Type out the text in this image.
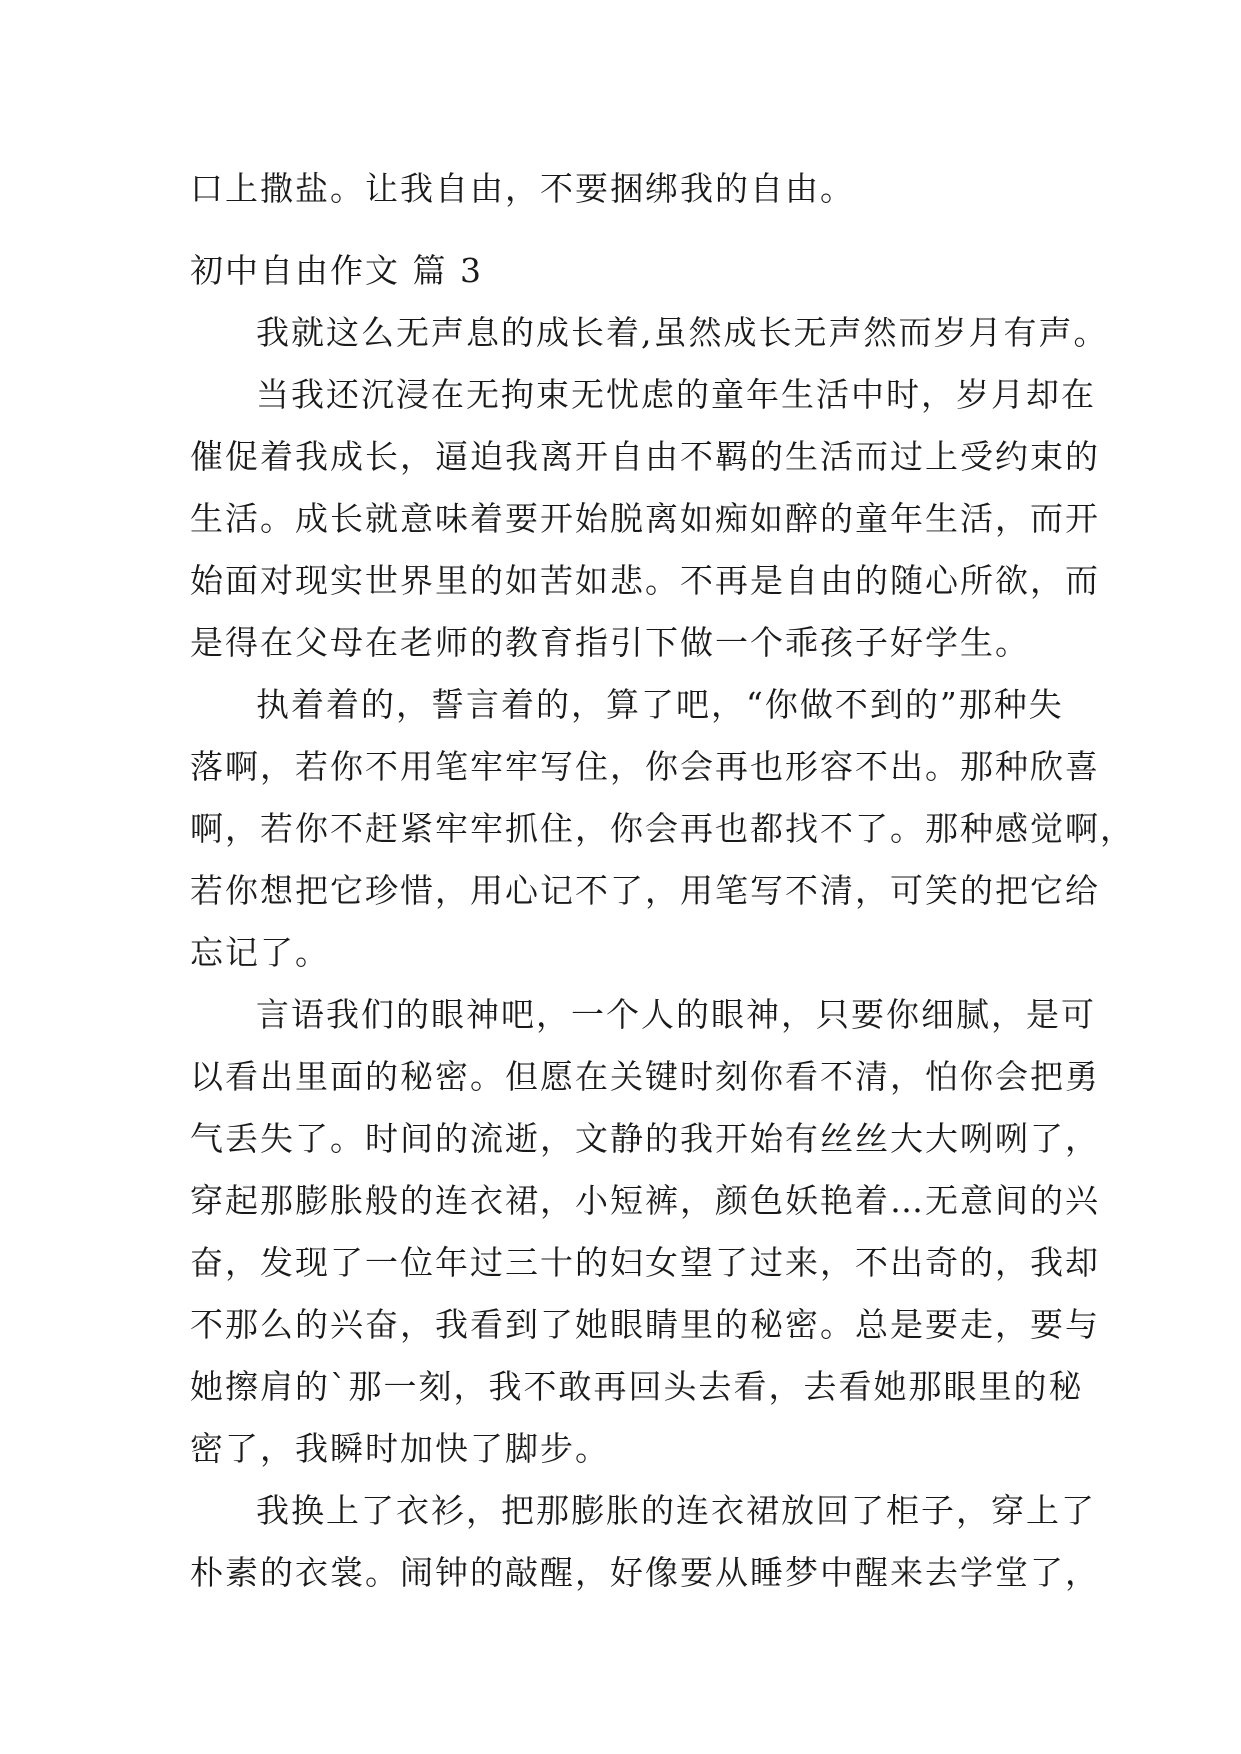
口上撒盐。让我自由，不要捆绑我的自由。

初中自由作文 篇 3

我就这么无声息的成长着,虽然成长无声然而岁月有声。

当我还沉浸在无拘束无忧虑的童年生活中时，岁月却在

催促着我成长，逼迫我离开自由不羁的生活而过上受约束的

生活。成长就意味着要开始脱离如痴如醉的童年生活，而开

始面对现实世界里的如苦如悲。不再是自由的随心所欲，而

是得在父母在老师的教育指引下做一个乖孩子好学生。

执着着的，誓言着的，算了吧，“你做不到的”那种失

落啊，若你不用笔牢牢写住，你会再也形容不出。那种欣喜

啊，若你不赶紧牢牢抓住，你会再也都找不了。那种感觉啊，

若你想把它珍惜，用心记不了，用笔写不清，可笑的把它给

忘记了。

言语我们的眼神吧，一个人的眼神，只要你细腻，是可

以看出里面的秘密。但愿在关键时刻你看不清，怕你会把勇

气丢失了。时间的流逝，文静的我开始有丝丝大大咧咧了，

穿起那膨胀般的连衣裙，小短裤，颜色妖艳着…无意间的兴

奋，发现了一位年过三十的妇女望了过来，不出奇的，我却

不那么的兴奋，我看到了她眼睛里的秘密。总是要走，要与

她擦肩的`那一刻，我不敢再回头去看，去看她那眼里的秘

密了，我瞬时加快了脚步。

我换上了衣衫，把那膨胀的连衣裙放回了柜子，穿上了

朴素的衣裳。闹钟的敲醒，好像要从睡梦中醒来去学堂了，
